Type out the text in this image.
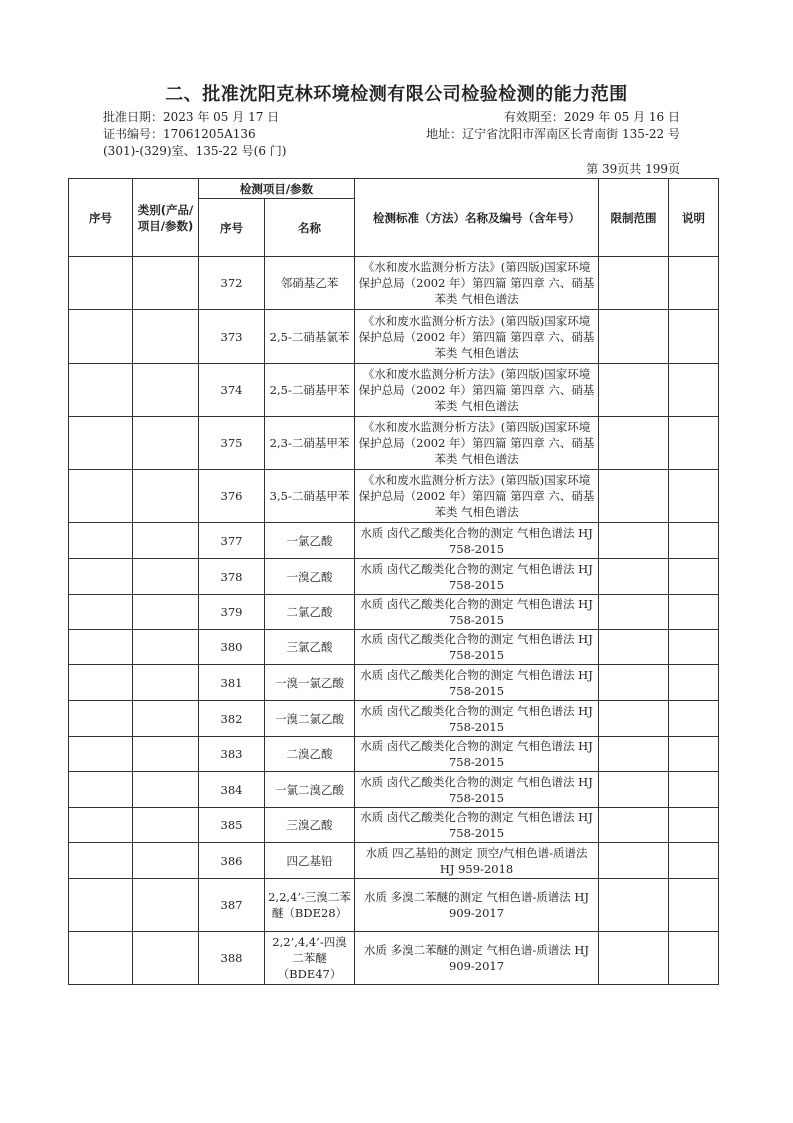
二、批准沈阳克林环境检测有限公司检验检测的能力范围
批准日期：2023 年 05 月 17 日	有效期至：2029 年 05 月 16 日
证书编号：17061205A136	地址：辽宁省沈阳市浑南区长青南街 135-22 号
(301)-(329)室、135-22 号(6 门)
第 39页共 199页
序号	类别(产品/项目/参数)	检测项目/参数		检测标准（方法）名称及编号（含年号）	限制范围	说明
		序号	名称			
		372	邻硝基乙苯	《水和废水监测分析方法》(第四版)国家环境保护总局（2002 年）第四篇 第四章 六、硝基苯类 气相色谱法		
		373	2,5-二硝基氯苯	《水和废水监测分析方法》(第四版)国家环境保护总局（2002 年）第四篇 第四章 六、硝基苯类 气相色谱法		
		374	2,5-二硝基甲苯	《水和废水监测分析方法》(第四版)国家环境保护总局（2002 年）第四篇 第四章 六、硝基苯类 气相色谱法		
		375	2,3-二硝基甲苯	《水和废水监测分析方法》(第四版)国家环境保护总局（2002 年）第四篇 第四章 六、硝基苯类 气相色谱法		
		376	3,5-二硝基甲苯	《水和废水监测分析方法》(第四版)国家环境保护总局（2002 年）第四篇 第四章 六、硝基苯类 气相色谱法		
		377	一氯乙酸	水质 卤代乙酸类化合物的测定 气相色谱法 HJ 758-2015		
		378	一溴乙酸	水质 卤代乙酸类化合物的测定 气相色谱法 HJ 758-2015		
		379	二氯乙酸	水质 卤代乙酸类化合物的测定 气相色谱法 HJ 758-2015		
		380	三氯乙酸	水质 卤代乙酸类化合物的测定 气相色谱法 HJ 758-2015		
		381	一溴一氯乙酸	水质 卤代乙酸类化合物的测定 气相色谱法 HJ 758-2015		
		382	一溴二氯乙酸	水质 卤代乙酸类化合物的测定 气相色谱法 HJ 758-2015		
		383	二溴乙酸	水质 卤代乙酸类化合物的测定 气相色谱法 HJ 758-2015		
		384	一氯二溴乙酸	水质 卤代乙酸类化合物的测定 气相色谱法 HJ 758-2015		
		385	三溴乙酸	水质 卤代乙酸类化合物的测定 气相色谱法 HJ 758-2015		
		386	四乙基铅	水质 四乙基铅的测定 顶空/气相色谱-质谱法 HJ 959-2018		
		387	2,2,4’-三溴二苯醚（BDE28）	水质 多溴二苯醚的测定 气相色谱-质谱法 HJ 909-2017		
		388	2,2’,4,4’-四溴二苯醚（BDE47）	水质 多溴二苯醚的测定 气相色谱-质谱法 HJ 909-2017		
